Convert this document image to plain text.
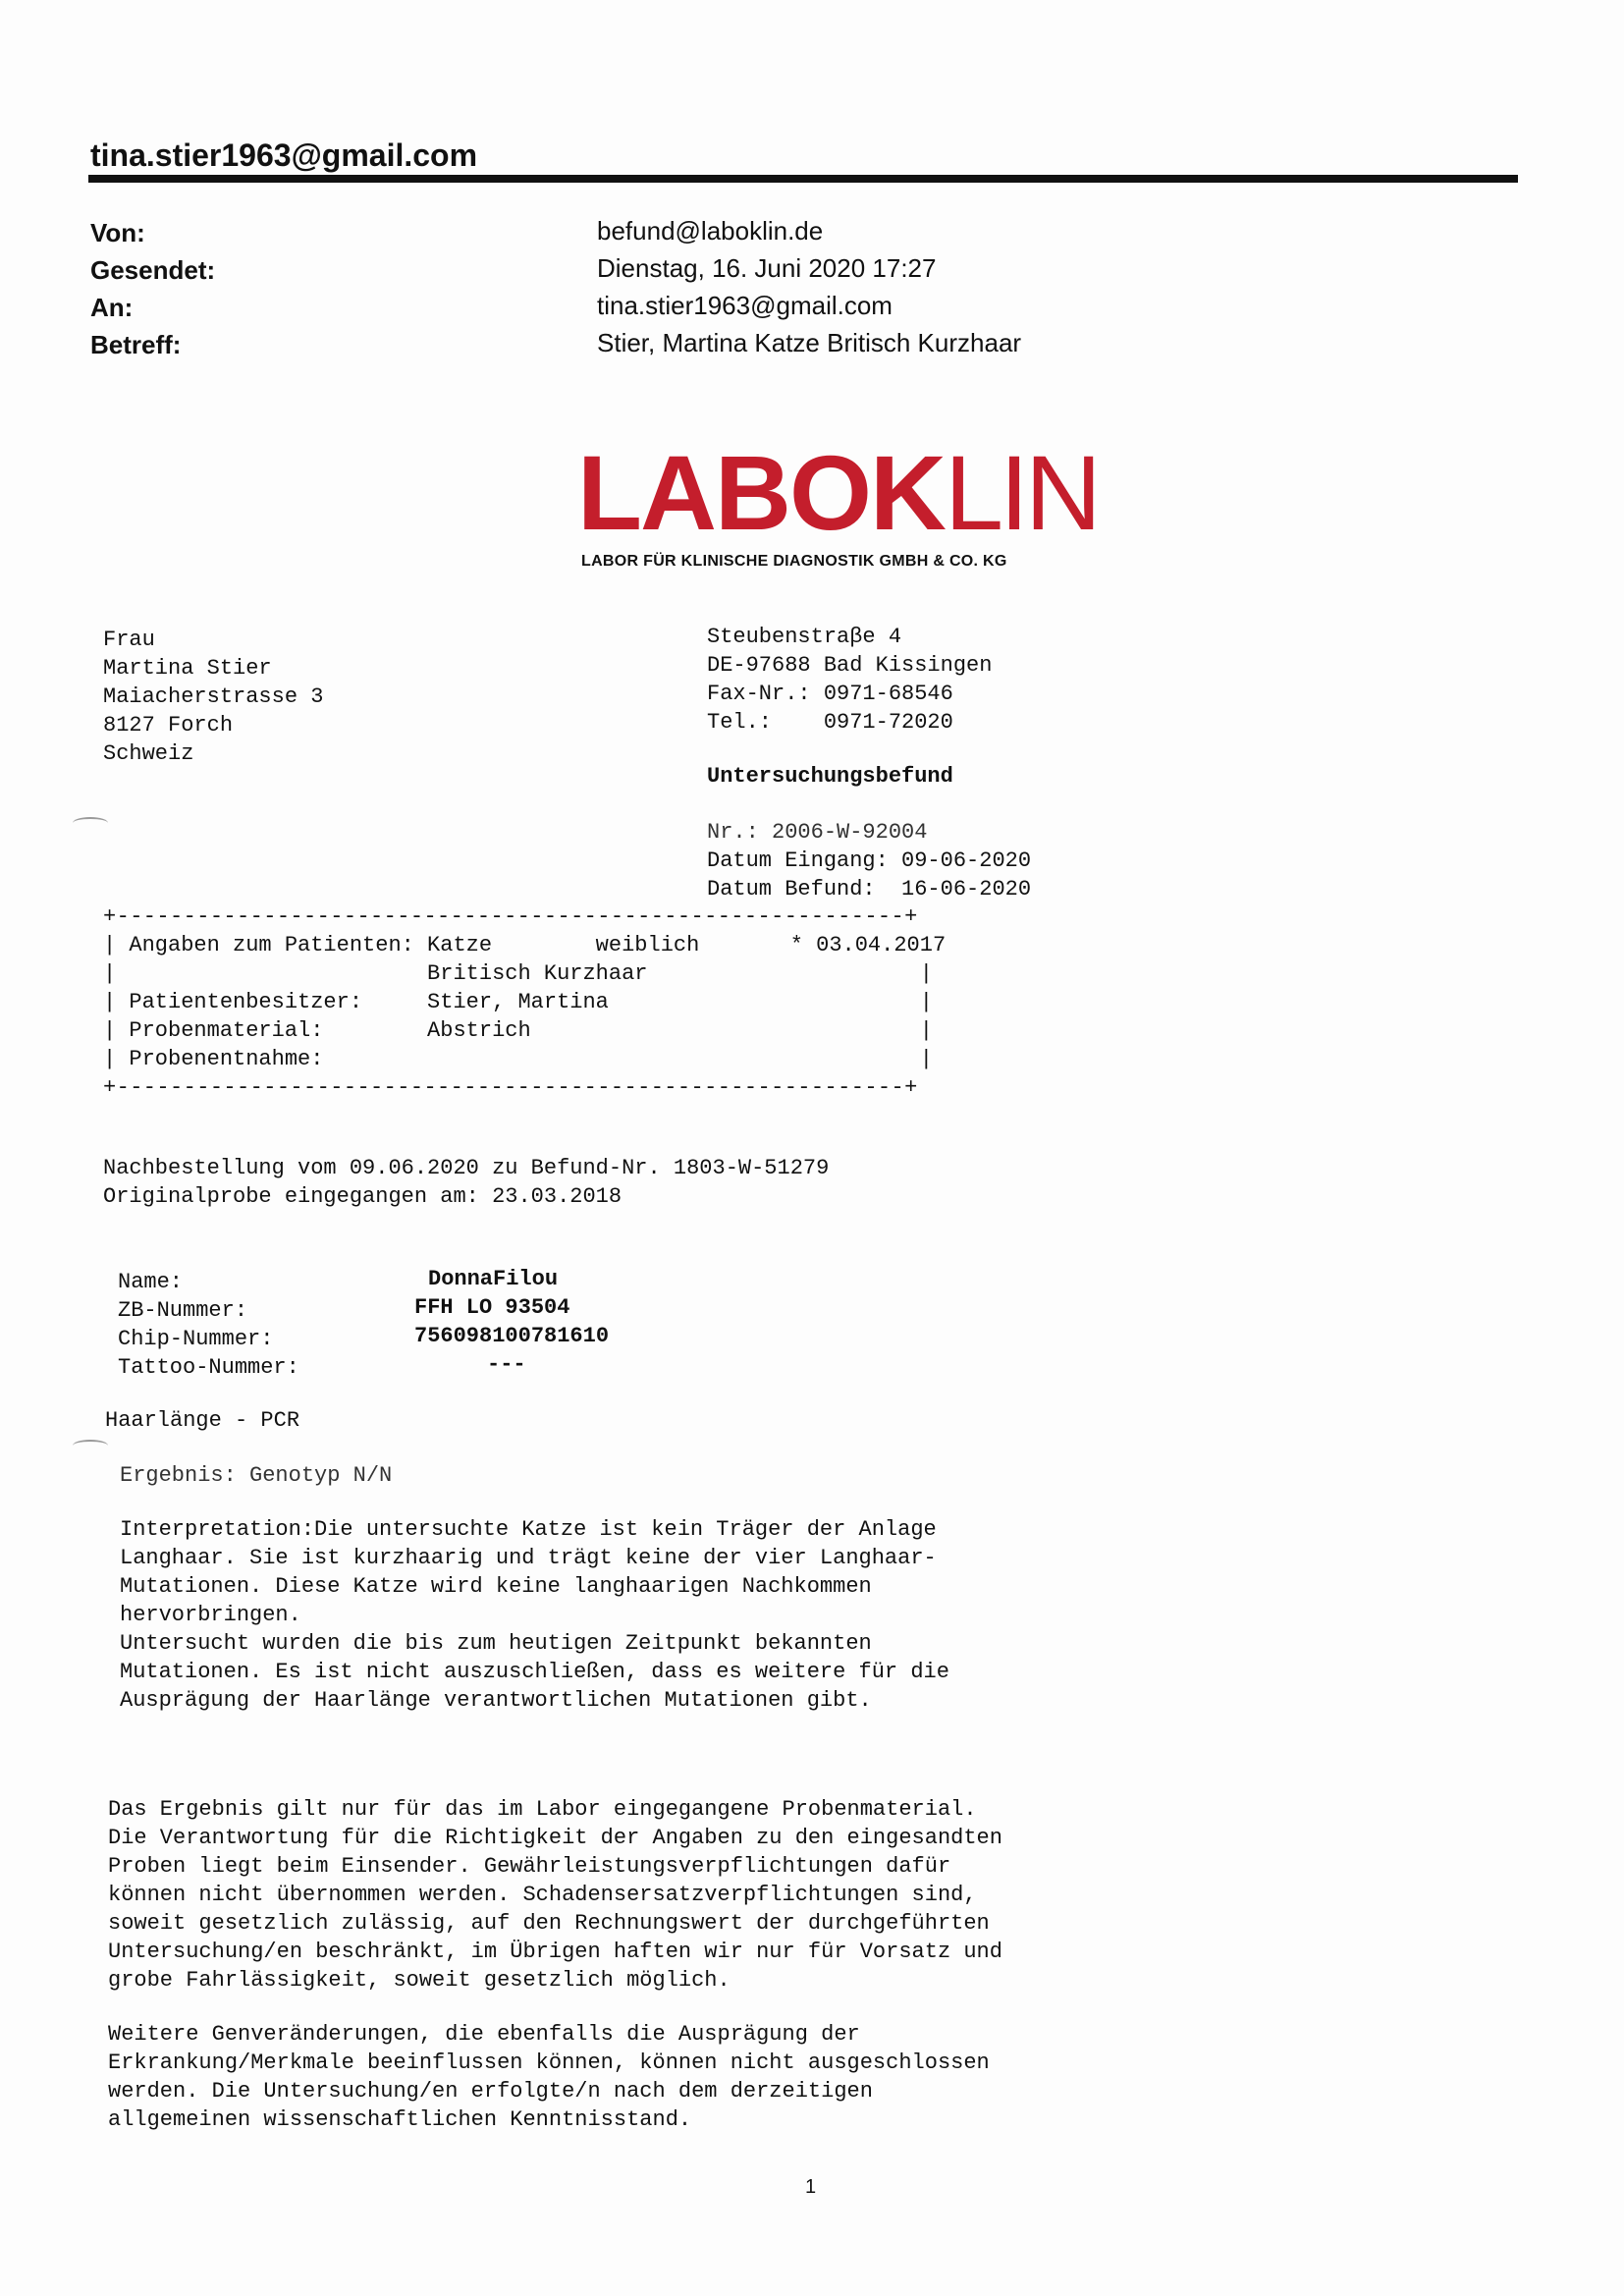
tina.stier1963@gmail.com
Von:	befund@laboklin.de
Gesendet:	Dienstag, 16. Juni 2020 17:27
An:	tina.stier1963@gmail.com
Betreff:	Stier, Martina Katze Britisch Kurzhaar
LABOKLIN
LABOR FÜR KLINISCHE DIAGNOSTIK GMBH & CO. KG
Frau
Martina Stier
Maiacherstrasse 3
8127 Forch
Schweiz
Steubenstraβe 4
DE-97688 Bad Kissingen
Fax-Nr.: 0971-68546
Tel.:    0971-72020
Untersuchungsbefund
Nr.: 2006-W-92004
Datum Eingang: 09-06-2020
Datum Befund:  16-06-2020
+-----------------------------------------------------------+
| Angaben zum Patienten: Katze        weiblich       * 03.04.2017
|                        Britisch Kurzhaar                     |
| Patientenbesitzer:     Stier, Martina                        |
| Probenmaterial:        Abstrich                              |
| Probenentnahme:                                              |
+-----------------------------------------------------------+
Nachbestellung vom 09.06.2020 zu Befund-Nr. 1803-W-51279
Originalprobe eingegangen am: 23.03.2018
Name:	DonnaFilou
ZB-Nummer:	FFH LO 93504
Chip-Nummer:	756098100781610
Tattoo-Nummer:	---
Haarlänge - PCR
Ergebnis: Genotyp N/N
Interpretation:Die untersuchte Katze ist kein Träger der Anlage
Langhaar. Sie ist kurzhaarig und trägt keine der vier Langhaar-
Mutationen. Diese Katze wird keine langhaarigen Nachkommen
hervorbringen.
Untersucht wurden die bis zum heutigen Zeitpunkt bekannten
Mutationen. Es ist nicht auszuschließen, dass es weitere für die
Ausprägung der Haarlänge verantwortlichen Mutationen gibt.
Das Ergebnis gilt nur für das im Labor eingegangene Probenmaterial.
Die Verantwortung für die Richtigkeit der Angaben zu den eingesandten
Proben liegt beim Einsender. Gewährleistungsverpflichtungen dafür
können nicht übernommen werden. Schadensersatzverpflichtungen sind,
soweit gesetzlich zulässig, auf den Rechnungswert der durchgeführten
Untersuchung/en beschränkt, im Übrigen haften wir nur für Vorsatz und
grobe Fahrlässigkeit, soweit gesetzlich möglich.
Weitere Genveränderungen, die ebenfalls die Ausprägung der
Erkrankung/Merkmale beeinflussen können, können nicht ausgeschlossen
werden. Die Untersuchung/en erfolgte/n nach dem derzeitigen
allgemeinen wissenschaftlichen Kenntnisstand.
1
